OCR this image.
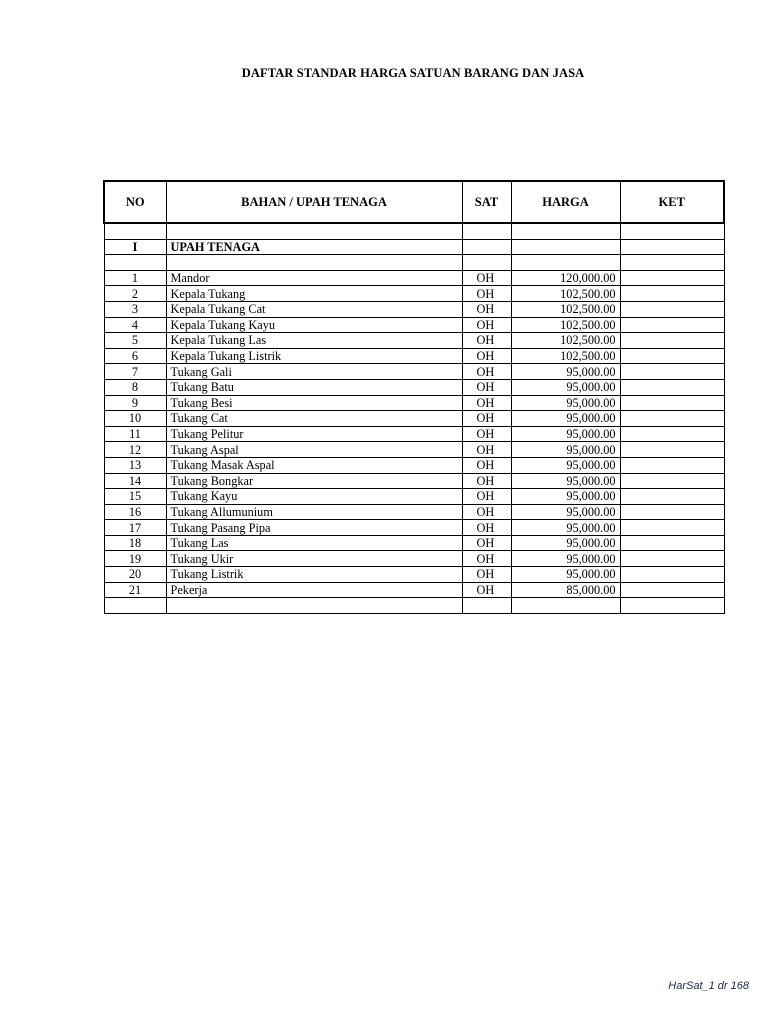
DAFTAR STANDAR HARGA SATUAN BARANG DAN JASA
NO	BAHAN / UPAH TENAGA	SAT	HARGA	KET

I	UPAH TENAGA			

1	Mandor	OH	120,000.00	
2	Kepala Tukang	OH	102,500.00	
3	Kepala Tukang Cat	OH	102,500.00	
4	Kepala Tukang Kayu	OH	102,500.00	
5	Kepala Tukang Las	OH	102,500.00	
6	Kepala Tukang Listrik	OH	102,500.00	
7	Tukang Gali	OH	95,000.00	
8	Tukang Batu	OH	95,000.00	
9	Tukang Besi	OH	95,000.00	
10	Tukang Cat	OH	95,000.00	
11	Tukang Pelitur	OH	95,000.00	
12	Tukang Aspal	OH	95,000.00	
13	Tukang Masak Aspal	OH	95,000.00	
14	Tukang Bongkar	OH	95,000.00	
15	Tukang Kayu	OH	95,000.00	
16	Tukang Allumunium	OH	95,000.00	
17	Tukang Pasang Pipa	OH	95,000.00	
18	Tukang Las	OH	95,000.00	
19	Tukang Ukir	OH	95,000.00	
20	Tukang Listrik	OH	95,000.00	
21	Pekerja	OH	85,000.00	

HarSat_1 dr 168
